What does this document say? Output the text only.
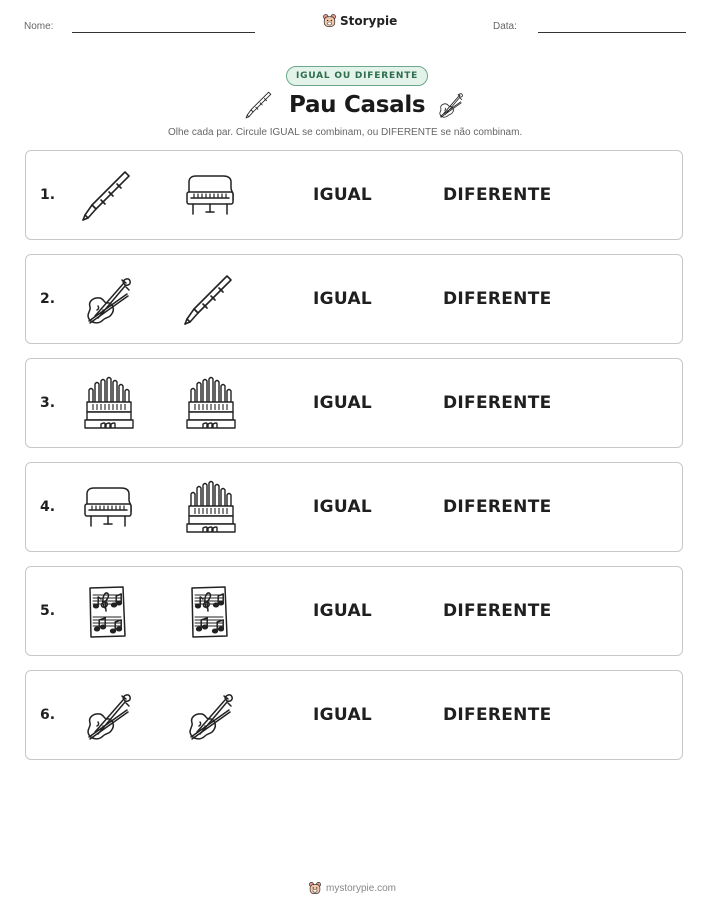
Nome:	Storypie	Data:
IGUAL OU DIFERENTE
Pau Casals
Olhe cada par. Circule IGUAL se combinam, ou DIFERENTE se não combinam.
1.	IGUAL	DIFERENTE
2.	IGUAL	DIFERENTE
3.	IGUAL	DIFERENTE
4.	IGUAL	DIFERENTE
5.	IGUAL	DIFERENTE
6.	IGUAL	DIFERENTE
mystorypie.com
